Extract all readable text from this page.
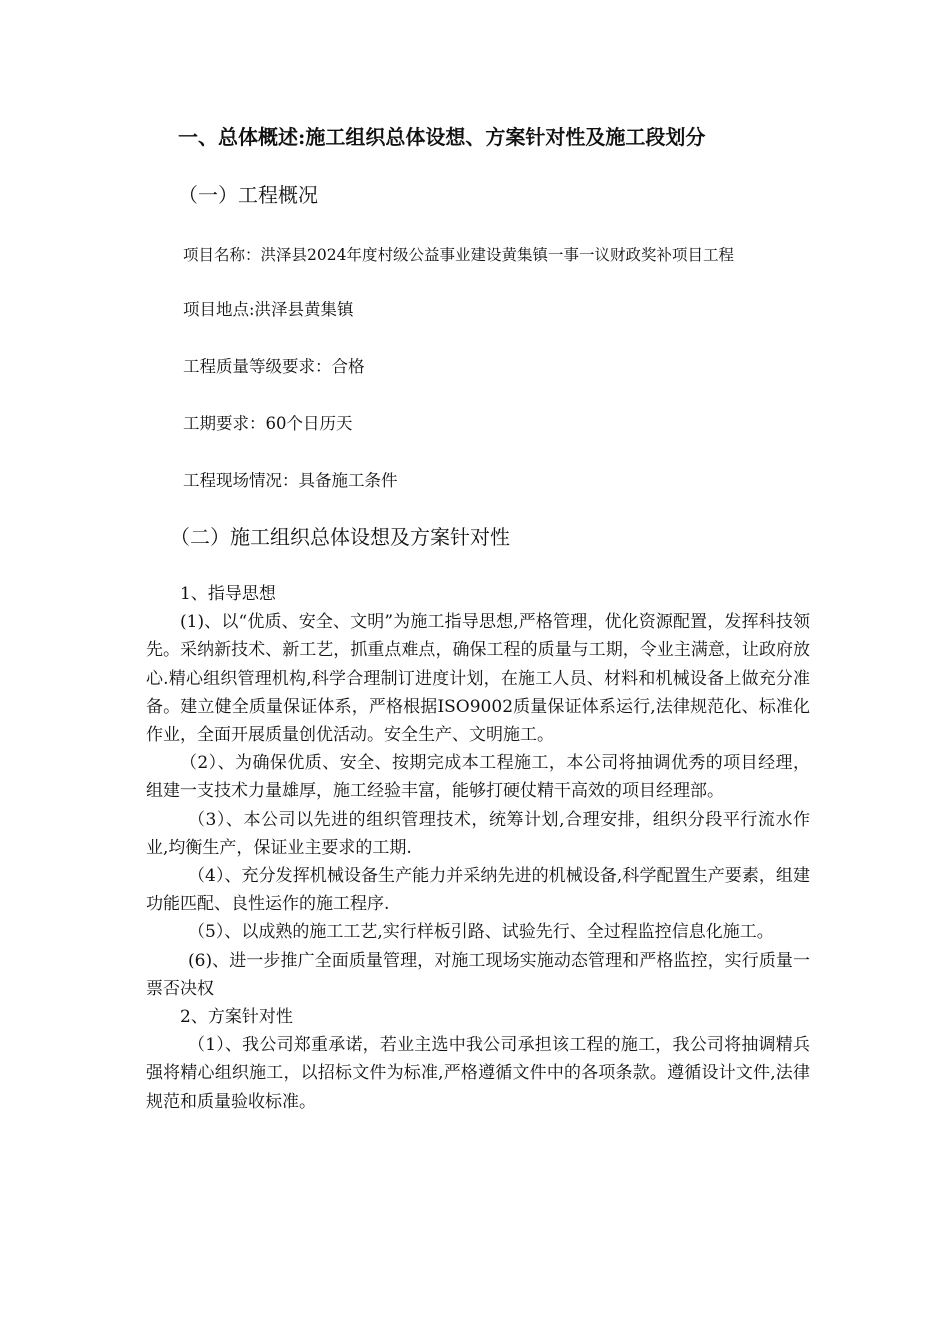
一、总体概述:施工组织总体设想、方案针对性及施工段划分
（一）工程概况
项目名称：洪泽县2024年度村级公益事业建设黄集镇一事一议财政奖补项目工程
项目地点:洪泽县黄集镇
工程质量等级要求：合格
工期要求：60个日历天
工程现场情况：具备施工条件
（二）施工组织总体设想及方案针对性

1、指导思想

(1)、以“优质、安全、文明”为施工指导思想,严格管理，优化资源配置，发挥科技领先。采纳新技术、新工艺，抓重点难点，确保工程的质量与工期，令业主满意，让政府放心.精心组织管理机构,科学合理制订进度计划，在施工人员、材料和机械设备上做充分准备。建立健全质量保证体系，严格根据ISO9002质量保证体系运行,法律规范化、标准化作业，全面开展质量创优活动。安全生产、文明施工。

（2）、为确保优质、安全、按期完成本工程施工，本公司将抽调优秀的项目经理，组建一支技术力量雄厚，施工经验丰富，能够打硬仗精干高效的项目经理部。

（3）、本公司以先进的组织管理技术，统筹计划,合理安排，组织分段平行流水作业,均衡生产，保证业主要求的工期.

（4）、充分发挥机械设备生产能力并采纳先进的机械设备,科学配置生产要素，组建功能匹配、良性运作的施工程序.

（5）、以成熟的施工工艺,实行样板引路、试验先行、全过程监控信息化施工。

(6)、进一步推广全面质量管理，对施工现场实施动态管理和严格监控，实行质量一票否决权

2、方案针对性

（1）、我公司郑重承诺，若业主选中我公司承担该工程的施工，我公司将抽调精兵强将精心组织施工，以招标文件为标准,严格遵循文件中的各项条款。遵循设计文件,法律规范和质量验收标准。
